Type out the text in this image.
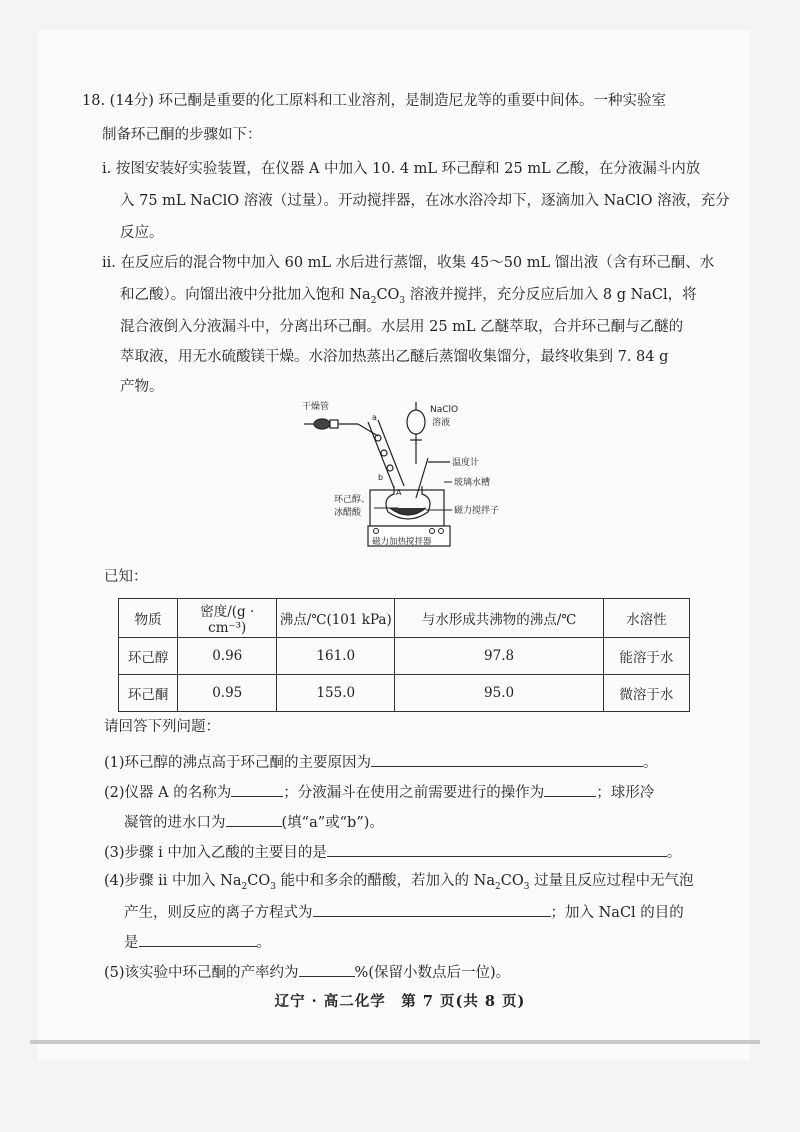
18. (14分) 环己酮是重要的化工原料和工业溶剂，是制造尼龙等的重要中间体。一种实验室
制备环己酮的步骤如下：
i. 按图安装好实验装置，在仪器 A 中加入 10. 4 mL 环己醇和 25 mL 乙酸，在分液漏斗内放
入 75 mL NaClO 溶液（过量）。开动搅拌器，在冰水浴冷却下，逐滴加入 NaClO 溶液，充分
反应。
ii. 在反应后的混合物中加入 60 mL 水后进行蒸馏，收集 45～50 mL 馏出液（含有环己酮、水
和乙酸）。向馏出液中分批加入饱和 $Na_2CO_3$ 溶液并搅拌，充分反应后加入 8 g NaCl，将
混合液倒入分液漏斗中，分离出环己酮。水层用 25 mL 乙醚萃取，合并环己酮与乙醚的
萃取液，用无水硫酸镁干燥。水浴加热蒸出乙醚后蒸馏收集馏分，最终收集到 7. 84 g
产物。
干燥管
a
b
NaClO
溶液
温度计
A
玻璃水槽
磁力搅拌子
环己醇、
冰醋酸
磁力加热搅拌器
已知：
物质	密度/(g · cm⁻³)	沸点/℃(101 kPa)	与水形成共沸物的沸点/℃	水溶性
环己醇	0.96	161.0	97.8	能溶于水
环己酮	0.95	155.0	95.0	微溶于水
请回答下列问题：
(1)环己醇的沸点高于环己酮的主要原因为	。
(2)仪器 A 的名称为	；分液漏斗在使用之前需要进行的操作为	；球形冷
凝管的进水口为	(填“a”或“b”)。
(3)步骤 i 中加入乙酸的主要目的是	。
(4)步骤 ii 中加入 $Na_2CO_3$ 能中和多余的醋酸，若加入的 $Na_2CO_3$ 过量且反应过程中无气泡
产生，则反应的离子方程式为	；加入 NaCl 的目的
是	。
(5)该实验中环己酮的产率约为	%(保留小数点后一位)。
辽宁 · 高二化学　第 7 页(共 8 页)
